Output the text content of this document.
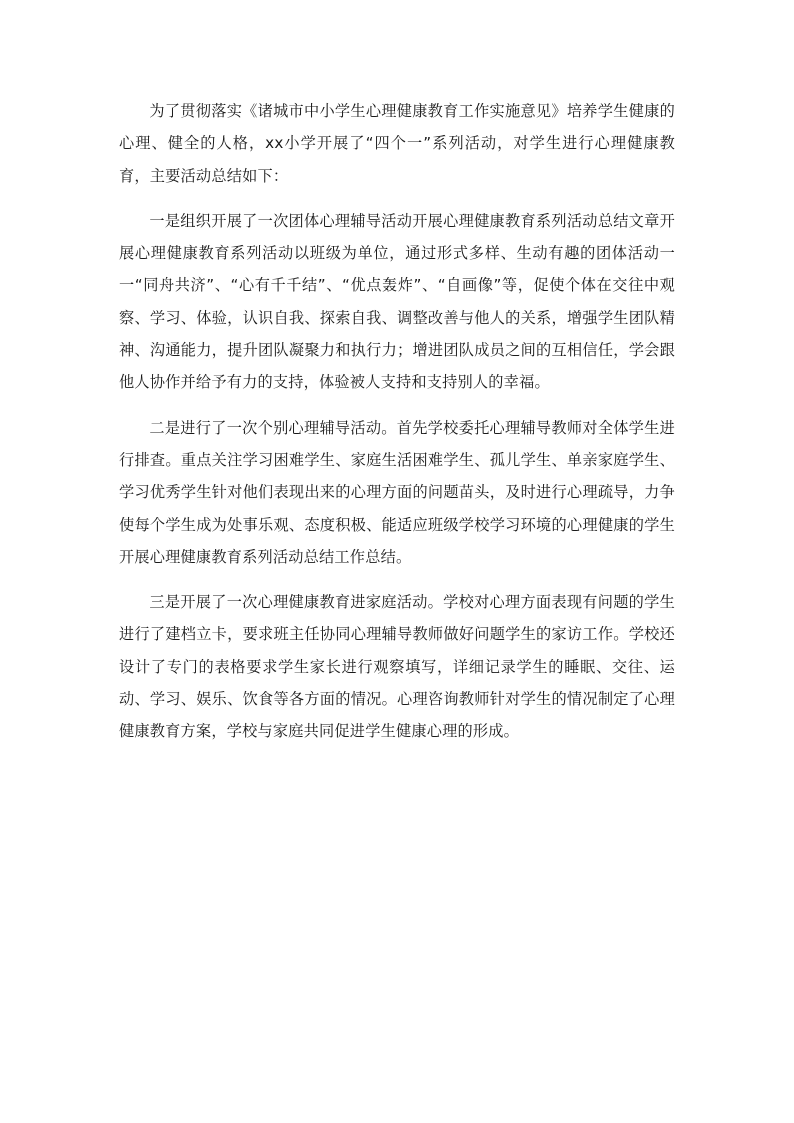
为了贯彻落实《诸城市中小学生心理健康教育工作实施意见》培养学生健康的心理、健全的人格，xx小学开展了“四个一”系列活动，对学生进行心理健康教育，主要活动总结如下：

一是组织开展了一次团体心理辅导活动开展心理健康教育系列活动总结文章开展心理健康教育系列活动以班级为单位，通过形式多样、生动有趣的团体活动一一“同舟共济”、“心有千千结”、“优点轰炸”、“自画像”等，促使个体在交往中观察、学习、体验，认识自我、探索自我、调整改善与他人的关系，增强学生团队精神、沟通能力，提升团队凝聚力和执行力；增进团队成员之间的互相信任，学会跟他人协作并给予有力的支持，体验被人支持和支持别人的幸福。

二是进行了一次个别心理辅导活动。首先学校委托心理辅导教师对全体学生进行排查。重点关注学习困难学生、家庭生活困难学生、孤儿学生、单亲家庭学生、学习优秀学生针对他们表现出来的心理方面的问题苗头，及时进行心理疏导，力争使每个学生成为处事乐观、态度积极、能适应班级学校学习环境的心理健康的学生开展心理健康教育系列活动总结工作总结。

三是开展了一次心理健康教育进家庭活动。学校对心理方面表现有问题的学生进行了建档立卡，要求班主任协同心理辅导教师做好问题学生的家访工作。学校还设计了专门的表格要求学生家长进行观察填写，详细记录学生的睡眠、交往、运动、学习、娱乐、饮食等各方面的情况。心理咨询教师针对学生的情况制定了心理健康教育方案，学校与家庭共同促进学生健康心理的形成。
